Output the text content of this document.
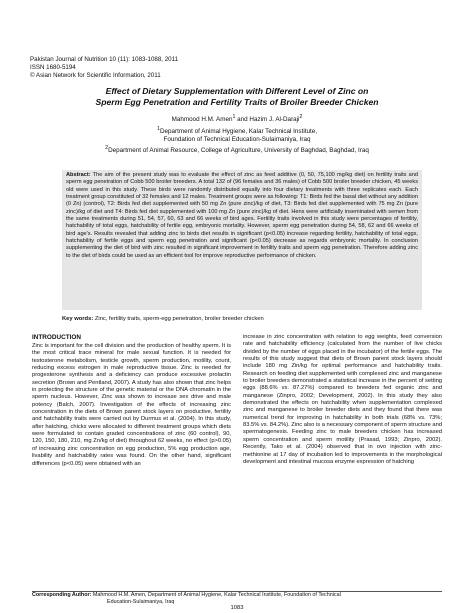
Pakistan Journal of Nutrition 10 (11): 1083-1088, 2011
ISSN 1680-5194
© Asian Network for Scientific Information, 2011
Effect of Dietary Supplementation with Different Level of Zinc on
Sperm Egg Penetration and Fertility Traits of Broiler Breeder Chicken
Mahmood H.M. Amen$^1$ and Hazim J. Al-Daraji$^2$
$^1$Department of Animal Hygiene, Kalar Technical Institute,
Foundation of Technical Education-Sulaimaniya, Iraq
$^2$Department of Animal Resource, College of Agriculture, University of Baghdad, Baghdad, Iraq
Abstract: The aim of the present study was to evaluate the effect of zinc as feed additive (0, 50, 75,100 mg/kg diet) on fertility traits and sperm egg penetration of Cobb 500 broiler breeders. A total 132 of (96 females and 36 males) of Cobb 500 broiler breeder chicken, 45 weeks old were used in this study. These birds were randomly distributed equally into four dietary treatments with three replicates each. Each treatment group constituted of 32 females and 12 males. Treatment groups were as following: T1: Birds fed the basal diet without any addition (0 Zn) (control), T2: Birds fed diet supplemented with 50 mg Zn (pure zinc)/kg of diet, T3: Birds fed diet supplemented with 75 mg Zn (pure zinc)/kg of diet and T4: Birds fed diet supplemented with 100 mg Zn (pure zinc)/kg of diet. Hens were artificially inseminated with semen from the same treatments during 51, 54, 57, 60, 63 and 66 weeks of bird ages. Fertility traits involved in this study were percentages of fertility, hatchability of total eggs, hatchability of fertile egg, embryonic mortality. However, sperm egg penetration during 54, 58, 62 and 66 weeks of bird age's. Results revealed that adding zinc to birds diet results in significant (p<0.05) increase regarding fertility, hatchability of total eggs, hatchability of fertile eggs and sperm egg penetration and significant (p<0.05) decrease as regards embryonic mortality. In conclusion supplementing the diet of bird with zinc resulted in significant improvement in fertility traits and sperm egg penetration. Therefore adding zinc to the diet of birds could be used as an efficient tool for improve reproductive performance of chicken.
Key words: Zinc, fertility traits, sperm-egg penetration, broiler breeder chicken
INTRODUCTION
Zinc is important for the cell division and the production of healthy sperm. It is the most critical trace mineral for male sexual function. It is needed for testosterone metabolism, testicle growth, sperm production, motility, count, reducing excess estrogen in male reproductive tissue. Zinc is needed for progesterone synthesis and a deficiency can produce excessive prolactin secretion (Brown and Pentland, 2007). A study has also shown that zinc helps in protecting the structure of the genetic material or the DNA chromatin in the sperm nucleus. However, Zinc was shown to increase sex drive and male potency (Balch, 2007). Investigation of the effects of increasing zinc concentration in the diets of Brown parent stock layers on productive, fertility and hatchability traits were carried out by Durmus et al. (2004). In this study, after hatching, chicks were allocated to different treatment groups which diets were formulated to contain graded concentrations of zinc (60 control), 90, 120, 150, 180, 210, mg Zn/kg of diet) throughout 62 weeks, no effect (p>0.05) of increasing zinc concentration on egg production, 5% egg production age, livability and hatchability rates was found. On the other hand, significant differences (p<0.05) were obtained with an
increase in zinc concentration with relation to egg weights, feed conversion rate and hatchability efficiency (calculated from the number of live chicks divided by the number of eggs placed in the incubator) of the fertile eggs. The results of this study suggest that diets of Brown parent stock layers should include 180 mg Zin/kg for optimal performance and hatchability traits. Research on feeding diet supplemented with complexed zinc and manganese to broiler breeders demonstrated a statistical increase in the percent of setting eggs (88.6% vs. 87.27%) compared to breeders fed organic zinc and manganese (Zinpro, 2002; Development, 2002). In this study they also demonstrated the effects on hatchability when supplementation complexed zinc and manganese to broiler breeder diets and they found that there was numerical trend for improving in hatchability in both trials (68% vs. 73%; 83.5% vs. 84.2%). Zinc also is a necessary component of sperm structure and spermatogenesis. Feeding zinc to male breeders chicken has increased sperm concentration and sperm motility (Prasad, 1993; Zinpro, 2002). Recently, Tako et al. (2004) observed that in ovo injection with zinc-methionine at 17 day of incubation led to improvements in the morphological development and intestinal mucosa enzyme expression of hatching
Corresponding Author: Mahmood H.M. Amen, Department of Animal Hygiene, Kalar Technical Institute, Foundation of Technical
Education-Sulaimaniya, Iraq
1083
